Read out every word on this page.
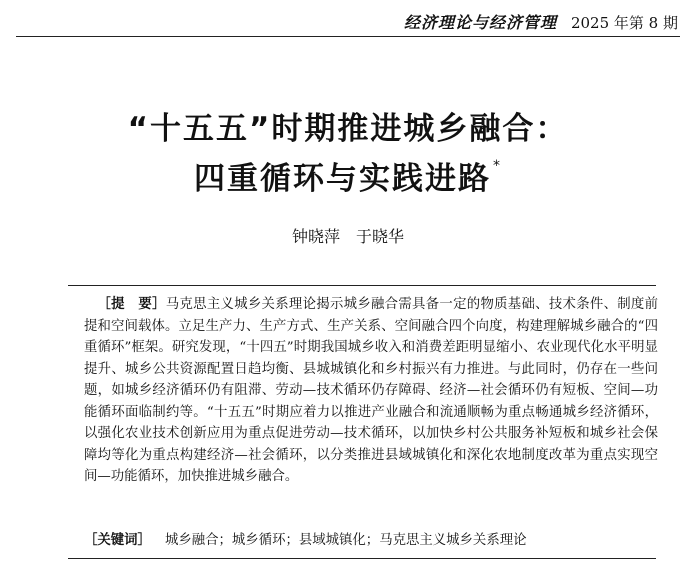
经济理论与经济管理 2025 年第 8 期
“十五五”时期推进城乡融合：
四重循环与实践进路 *
钟晓萍　于晓华
［提　要］马克思主义城乡关系理论揭示城乡融合需具备一定的物质基础、技术条件、制度前提和空间载体。立足生产力、生产方式、生产关系、空间融合四个向度，构建理解城乡融合的“四重循环”框架。研究发现，“十四五”时期我国城乡收入和消费差距明显缩小、农业现代化水平明显提升、城乡公共资源配置日趋均衡、县城城镇化和乡村振兴有力推进。与此同时，仍存在一些问题，如城乡经济循环仍有阻滞、劳动—技术循环仍存障碍、经济—社会循环仍有短板、空间—功能循环面临制约等。“十五五”时期应着力以推进产业融合和流通顺畅为重点畅通城乡经济循环，以强化农业技术创新应用为重点促进劳动—技术循环，以加快乡村公共服务补短板和城乡社会保障均等化为重点构建经济—社会循环，以分类推进县域城镇化和深化农地制度改革为重点实现空间—功能循环，加快推进城乡融合。
［关键词］ 城乡融合；城乡循环；县域城镇化；马克思主义城乡关系理论
